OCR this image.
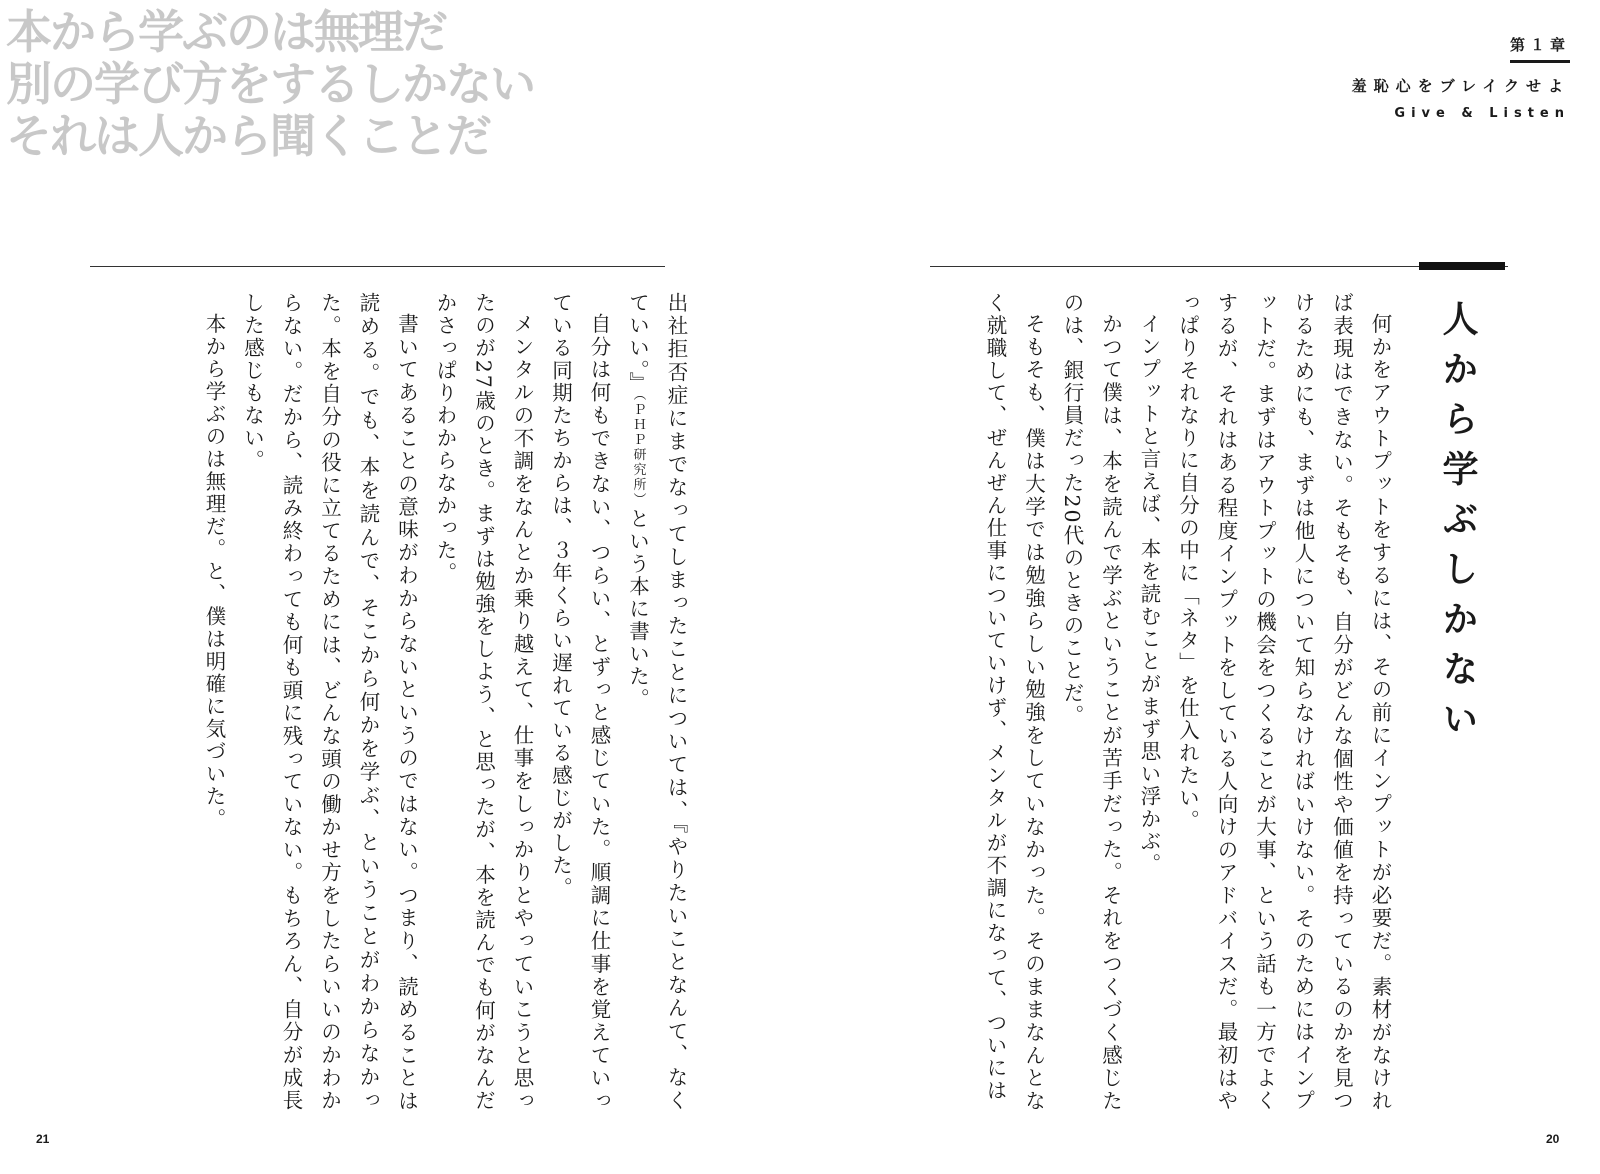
本から学ぶのは無理だ
別の学び方をするしかない
それは人から聞くことだ
第１章
羞恥心をブレイクせよ
Give & Listen
人から学ぶしかない

何かをアウトプットをするには、その前にインプットが必要だ。素材がなければ表現はできない。そもそも、自分がどんな個性や価値を持っているのかを見つけるためにも、まずは他人について知らなければいけない。そのためにはインプットだ。まずはアウトプットの機会をつくることが大事、という話も一方でよくするが、それはある程度インプットをしている人向けのアドバイスだ。最初はやっぱりそれなりに自分の中に「ネタ」を仕入れたい。

インプットと言えば、本を読むことがまず思い浮かぶ。

かつて僕は、本を読んで学ぶということが苦手だった。それをつくづく感じたのは、銀行員だった20代のときのことだ。

そもそも、僕は大学では勉強らしい勉強をしていなかった。そのままなんとなく就職して、ぜんぜん仕事についていけず、メンタルが不調になって、ついには

出社拒否症にまでなってしまったことについては、『やりたいことなんて、なくていい。』（ＰＨＰ研究所）という本に書いた。

自分は何もできない、つらい、とずっと感じていた。順調に仕事を覚えていっている同期たちからは、３年くらい遅れている感じがした。

メンタルの不調をなんとか乗り越えて、仕事をしっかりとやっていこうと思ったのが27歳のとき。まずは勉強をしよう、と思ったが、本を読んでも何がなんだかさっぱりわからなかった。

書いてあることの意味がわからないというのではない。つまり、読めることは読める。でも、本を読んで、そこから何かを学ぶ、ということがわからなかった。本を自分の役に立てるためには、どんな頭の働かせ方をしたらいいのかわからない。だから、読み終わっても何も頭に残っていない。もちろん、自分が成長した感じもない。

本から学ぶのは無理だ。と、僕は明確に気づいた。

21	20
